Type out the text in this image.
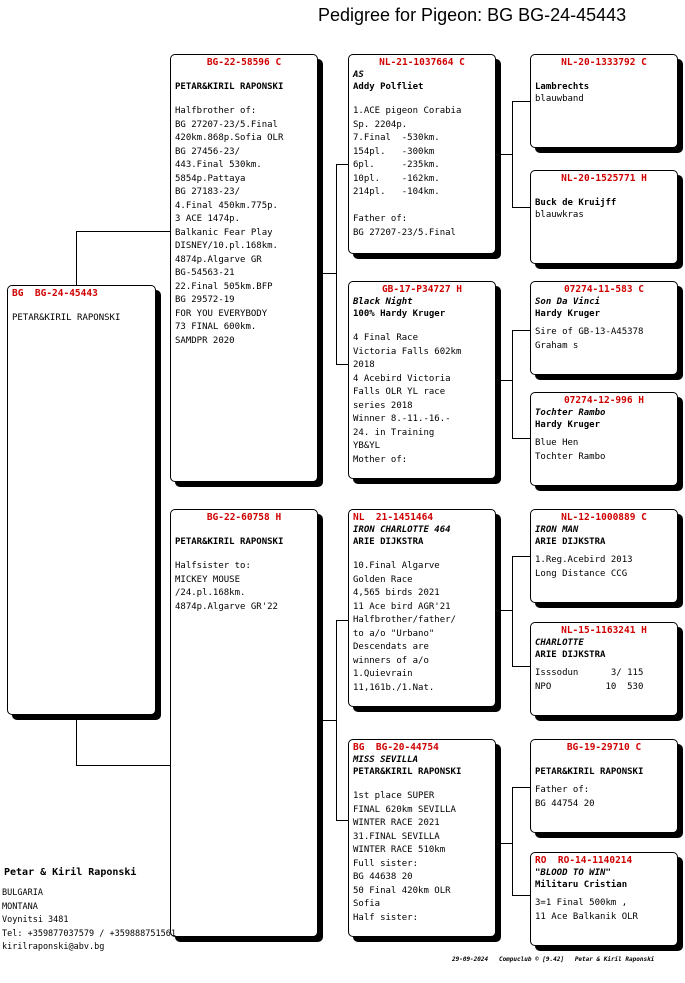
Pedigree for Pigeon: BG BG-24-45443
BG  BG-24-45443
PETAR&KIRIL RAPONSKI
BG-22-58596 C
PETAR&KIRIL RAPONSKI
Halfbrother of:
BG 27207-23/5.Final
420km.868p.Sofia OLR
BG 27456-23/
443.Final 530km.
5854p.Pattaya
BG 27183-23/
4.Final 450km.775p.
3 ACE 1474p.
Balkanic Fear Play
DISNEY/10.pl.168km.
4874p.Algarve GR
BG-54563-21
22.Final 505km.BFP
BG 29572-19
FOR YOU EVERYBODY
73 FINAL 600km.
SAMDPR 2020
BG-22-60758 H
PETAR&KIRIL RAPONSKI
Halfsister to:
MICKEY MOUSE
/24.pl.168km.
4874p.Algarve GR'22
NL-21-1037664 C
AS
Addy Polfliet
1.ACE pigeon Corabia
Sp. 2204p.
7.Final  -530km.
154pl.   -300km
6pl.     -235km.
10pl.    -162km.
214pl.   -104km.

Father of:
BG 27207-23/5.Final
GB-17-P34727 H
Black Night
100% Hardy Kruger
4 Final Race
Victoria Falls 602km
2018
4 Acebird Victoria
Falls OLR YL race
series 2018
Winner 8.-11.-16.-
24. in Training
YB&YL
Mother of:
NL  21-1451464
IRON CHARLOTTE 464
ARIE DIJKSTRA
10.Final Algarve
Golden Race
4,565 birds 2021
11 Ace bird AGR'21
Halfbrother/father/
to a/o "Urbano"
Descendats are
winners of a/o
1.Quievrain
11,161b./1.Nat.
BG  BG-20-44754
MISS SEVILLA
PETAR&KIRIL RAPONSKI
1st place SUPER
FINAL 620km SEVILLA
WINTER RACE 2021
31.FINAL SEVILLA
WINTER RACE 510km
Full sister:
BG 44638 20
50 Final 420km OLR
Sofia
Half sister:
NL-20-1333792 C
Lambrechts
blauwband
NL-20-1525771 H
Buck de Kruijff
blauwkras
07274-11-583 C
Son Da Vinci
Hardy Kruger
Sire of GB-13-A45378
Graham s
07274-12-996 H
Tochter Rambo
Hardy Kruger
Blue Hen
Tochter Rambo
NL-12-1000889 C
IRON MAN
ARIE DIJKSTRA
1.Reg.Acebird 2013
Long Distance CCG
NL-15-1163241 H
CHARLOTTE
ARIE DIJKSTRA
Isssodun      3/ 115
NPO          10  530
BG-19-29710 C
PETAR&KIRIL RAPONSKI
Father of:
BG 44754 20
RO  RO-14-1140214
"BLOOD TO WIN"
Militaru Cristian
3=1 Final 500km ,
11 Ace Balkanik OLR
Petar & Kiril Raponski
BULGARIA
MONTANA
Voynitsi 3481
Tel: +359877037579 / +359888751561
kirilraponski@abv.bg
29-09-2024   Compuclub © [9.42]   Petar & Kiril Raponski
